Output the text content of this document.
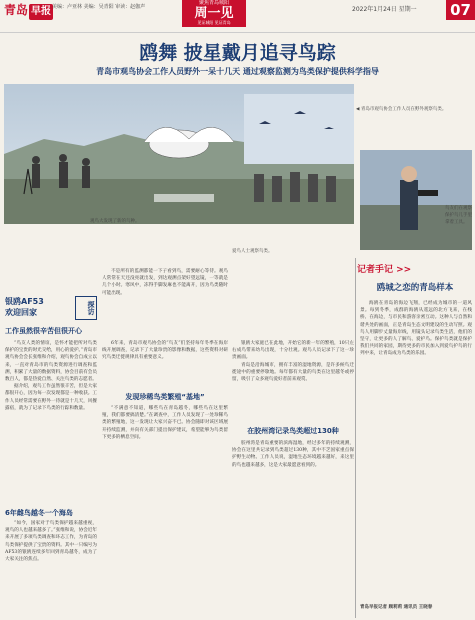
青岛 早报 美编：卢亚林 美编：吴青阳 审读：赵伽声
聚焦青岛城阳
周一见
见证城阳 见证青岛
2022年1月24日 星期一 07
鸥舞 披星戴月追寻鸟踪
青岛市观鸟协会工作人员野外一呆十几天 通过观察监测为鸟类保护提供科学指导
◀ 青岛市观鸟协会工作人员在野外观察鸟类。
鸟友们在观察保护鸟儿手里拿着工具。
观鸟大发现了新的鸟种。
爱鸟人士观察鸟类。
银鸥AF53
欢迎回家	探访
工作虽然很辛苦但很开心

“鸟友人类的情谊，是怀才能把所对鸟类保护的宝贵的时光交给，用心的爱护。”青岛市观鸟协会会长张维和介绍，观鸟协会自成立以来，一直对青岛市的鸟类资源进行调查和监测，积累了大量的数据资料，协会目前有会员数百人，都是热爱自然、关注鸟类的志愿者。

据介绍，观鸟工作虽然很辛苦，但是大家都很开心，因为每一次发现都是一种收获。工作人员经常需要在野外一待就是十几天，风餐露宿，就为了记录下鸟类的行踪和数量。

6年雌鸟越冬一个海岛

“如今，国家对于鸟类保护越来越重视，观鸟的人也越来越多了。”张维和说，协会近年来开展了多项鸟类调查和环志工作，为青岛的鸟类保护提供了宝贵的资料。其中一只编号为AF53的银鸥连续多年回到青岛越冬，成为了大家关注的焦点。

不是所有的监测都能一下子看到鸟，需要耐心等待。观鸟人常常在天还没亮就出发，到达观测点架好望远镜，一等就是几个小时。寒风中，冻得手脚发麻也不能离开，因为鸟类随时可能出现。

6年来，青岛市观鸟协会的“鸟友”们坚持每年冬季在海岸线开展调查，记录下了大量珍贵的影像和数据，这些资料对研究鸟类迁徙规律具有重要意义。

发现珍稀鸟类繁殖“基地”

“不满意不知道，哪些鸟在青岛越冬，哪些鸟在这里繁殖，我们都要搞清楚。”在调查中，工作人员发现了一处珍稀鸟类的繁殖地，这一发现让大家兴奋不已。协会随即对该区域展开持续监测，并向有关部门提出保护建议，希望能够为鸟类留下更多的栖息空间。

银鸥大家庭已在此地，开始它的新一年的繁殖，10只左右成鸟带来幼鸟出现，十分壮观。观鸟人员记录下了这一珍贵画面。

青岛是沿海城市，拥有丰富的湿地资源，是许多候鸟迁徙途中的重要停歇地。每年都有大量的鸟类在这里越冬或停留，吸引了众多观鸟爱好者前来观赏。

在胶州湾记录鸟类超过130种

胶州湾是青岛重要的滨海湿地，经过多年的持续观测，协会在这里共记录到鸟类超过130种，其中不乏国家重点保护野生动物。工作人员说，湿地生态环境越来越好，来这里的鸟也越来越多，这是大家最愿意看到的。

记者手记 >>
鸥城之恋的青岛样本

海鸥在青岛的海边飞翔，已经成为城市的一道风景。每到冬季，成群的海鸥从遥远的北方飞来，在栈桥、在海边，与市民和游客亲密互动。这种人与自然和谐共处的画面，正是青岛生态文明建设的生动写照。观鸟人用脚步丈量海岸线，用镜头记录鸟类生活，他们的坚守，让更多的人了解鸟、爱护鸟。保护鸟类就是保护我们共同的家园，期待更多的市民加入到爱鸟护鸟的行列中来，让青岛成为鸟类的乐园。

青岛早报记者 顾莉莉 通讯员 王晓春
